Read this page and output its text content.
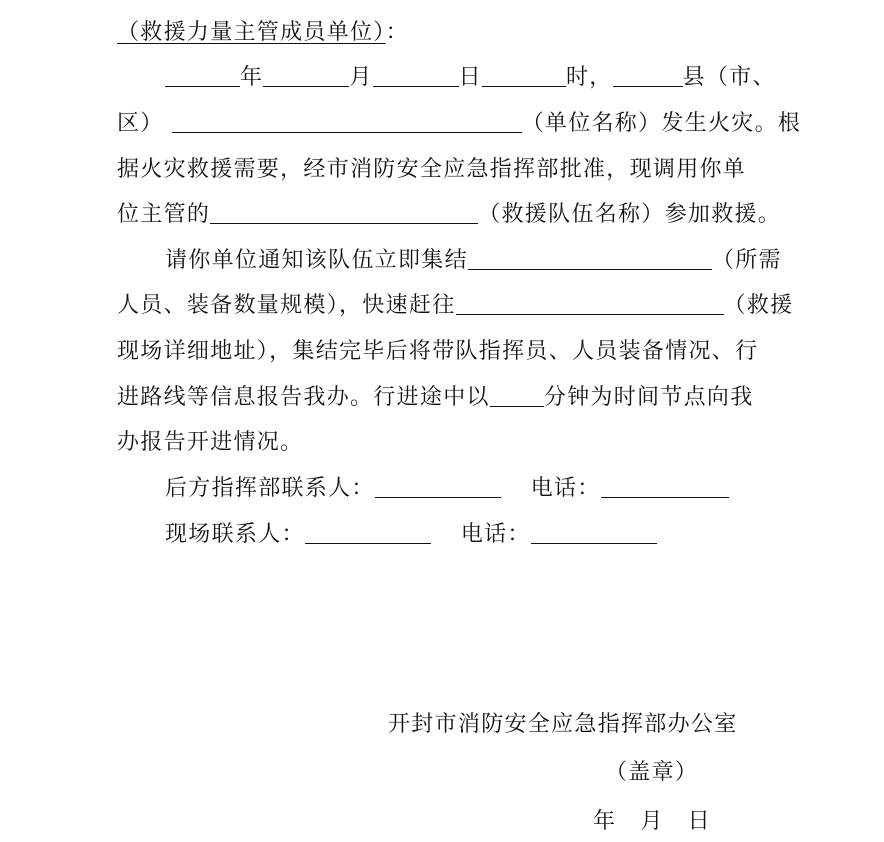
（救援力量主管成员单位）：
年	月	日	时，	县（市、
区）	（单位名称）发生火灾。根
据火灾救援需要，经市消防安全应急指挥部批准，现调用你单
位主管的	（救援队伍名称）参加救援。
请你单位通知该队伍立即集结	（所需
人员、装备数量规模），快速赶往	（救援
现场详细地址），集结完毕后将带队指挥员、人员装备情况、行
进路线等信息报告我办。行进途中以 分钟为时间节点向我
办报告开进情况。
后方指挥部联系人：	电话：
现场联系人：	电话：
开封市消防安全应急指挥部办公室
（盖章）
年 月 日
